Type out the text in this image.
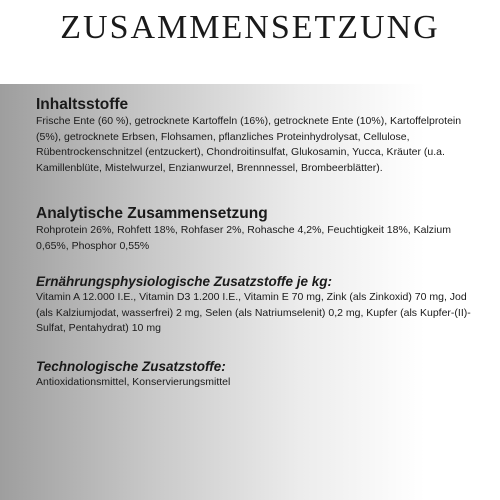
ZUSAMMENSETZUNG

Inhaltsstoffe

Frische Ente (60 %), getrocknete Kartoffeln (16%), getrocknete Ente (10%), Kartoffelprotein (5%), getrocknete Erbsen, Flohsamen, pflanzliches Proteinhydrolysat, Cellulose, Rübentrockenschnitzel (entzuckert), Chondroitinsulfat, Glukosamin, Yucca, Kräuter (u.a. Kamillenblüte, Mistelwurzel, Enzianwurzel, Brennnessel, Brombeerblätter).

Analytische Zusammensetzung

Rohprotein 26%, Rohfett 18%, Rohfaser 2%, Rohasche 4,2%, Feuchtigkeit 18%, Kalzium 0,65%, Phosphor 0,55%

Ernährungsphysiologische Zusatzstoffe je kg:

Vitamin A 12.000 I.E., Vitamin D3 1.200 I.E., Vitamin E 70 mg, Zink (als Zinkoxid) 70 mg, Jod (als Kalziumjodat, wasserfrei) 2 mg, Selen (als Natriumselenit) 0,2 mg, Kupfer (als Kupfer-(II)-Sulfat, Pentahydrat) 10 mg

Technologische Zusatzstoffe:

Antioxidationsmittel, Konservierungsmittel
